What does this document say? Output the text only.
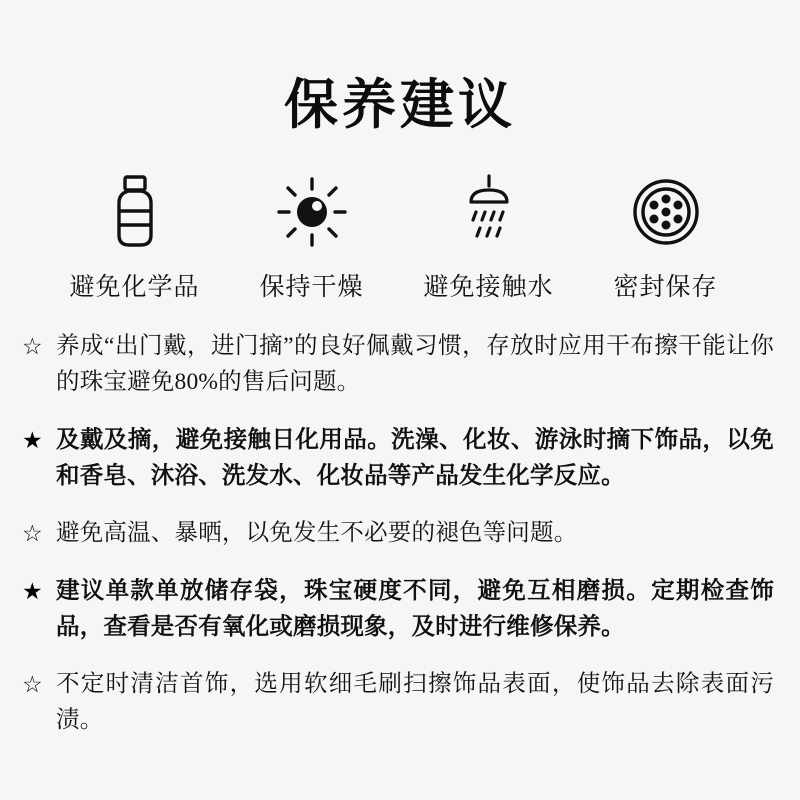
保养建议
避免化学品 保持干燥 避免接触水 密封保存
☆ 养成“出门戴，进门摘”的良好佩戴习惯，存放时应用干布擦干能让你的珠宝避免80%的售后问题。
★ 及戴及摘，避免接触日化用品。洗澡、化妆、游泳时摘下饰品，以免和香皂、沐浴、洗发水、化妆品等产品发生化学反应。
☆ 避免高温、暴晒，以免发生不必要的褪色等问题。
★ 建议单款单放储存袋，珠宝硬度不同，避免互相磨损。定期检查饰品，查看是否有氧化或磨损现象，及时进行维修保养。
☆ 不定时清洁首饰，选用软细毛刷扫擦饰品表面，使饰品去除表面污渍。
